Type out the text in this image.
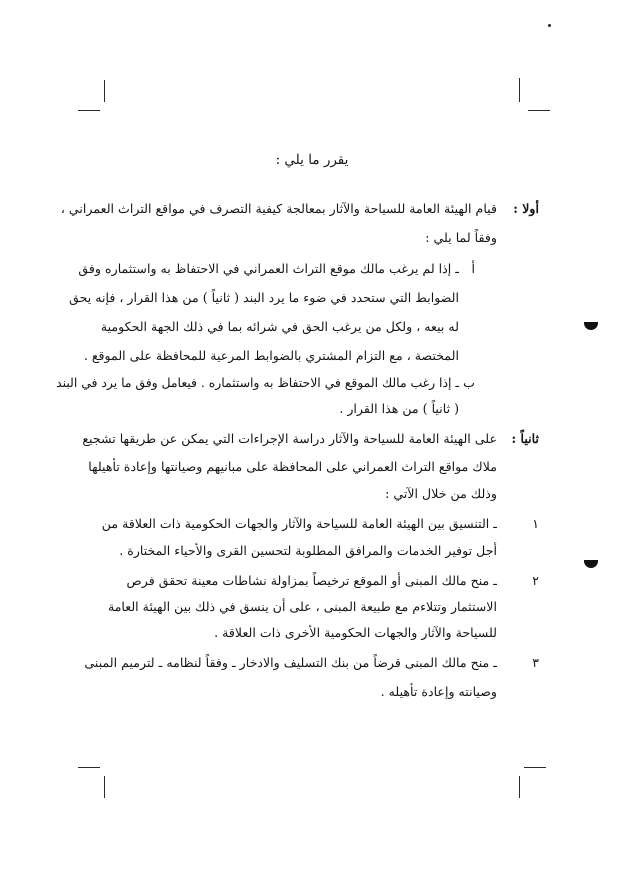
يقرر ما يلي :
أولا :
قيام الهيئة العامة للسياحة والآثار بمعالجة كيفية التصرف في مواقع التراث العمراني ،
وفقاً لما يلي :
أ
ـ إذا لم يرغب مالك موقع التراث العمراني في الاحتفاظ به واستثماره وفق
الضوابط التي ستحدد في ضوء ما يرد البند ( ثانياً ) من هذا القرار ، فإنه يحق
له بيعه ، ولكل من يرغب الحق في شرائه بما في ذلك الجهة الحكومية
المختصة ، مع التزام المشتري بالضوابط المرعية للمحافظة على الموقع .
ب
ـ إذا رغب مالك الموقع في الاحتفاظ به واستثماره . فيعامل وفق ما يرد في البند
( ثانياً ) من هذا القرار .
ثانياً :
على الهيئة العامة للسياحة والآثار دراسة الإجراءات التي يمكن عن طريقها تشجيع
ملاك مواقع التراث العمراني على المحافظة على مبانيهم وصيانتها وإعادة تأهيلها
وذلك من خلال الآتي :
١
ـ التنسيق بين الهيئة العامة للسياحة والآثار والجهات الحكومية ذات العلاقة من
أجل توفير الخدمات والمرافق المطلوبة لتحسين القرى والأحياء المختارة .
٢
ـ منح مالك المبنى أو الموقع ترخيصاً بمزاولة نشاطات معينة تحقق فرص
الاستثمار وتتلاءم مع طبيعة المبنى ، على أن ينسق في ذلك بين الهيئة العامة
للسياحة والآثار والجهات الحكومية الأخرى ذات العلاقة .
٣
ـ منح مالك المبنى قرضاً من بنك التسليف والادخار ـ وفقاً لنظامه ـ لترميم المبنى
وصيانته وإعادة تأهيله .
